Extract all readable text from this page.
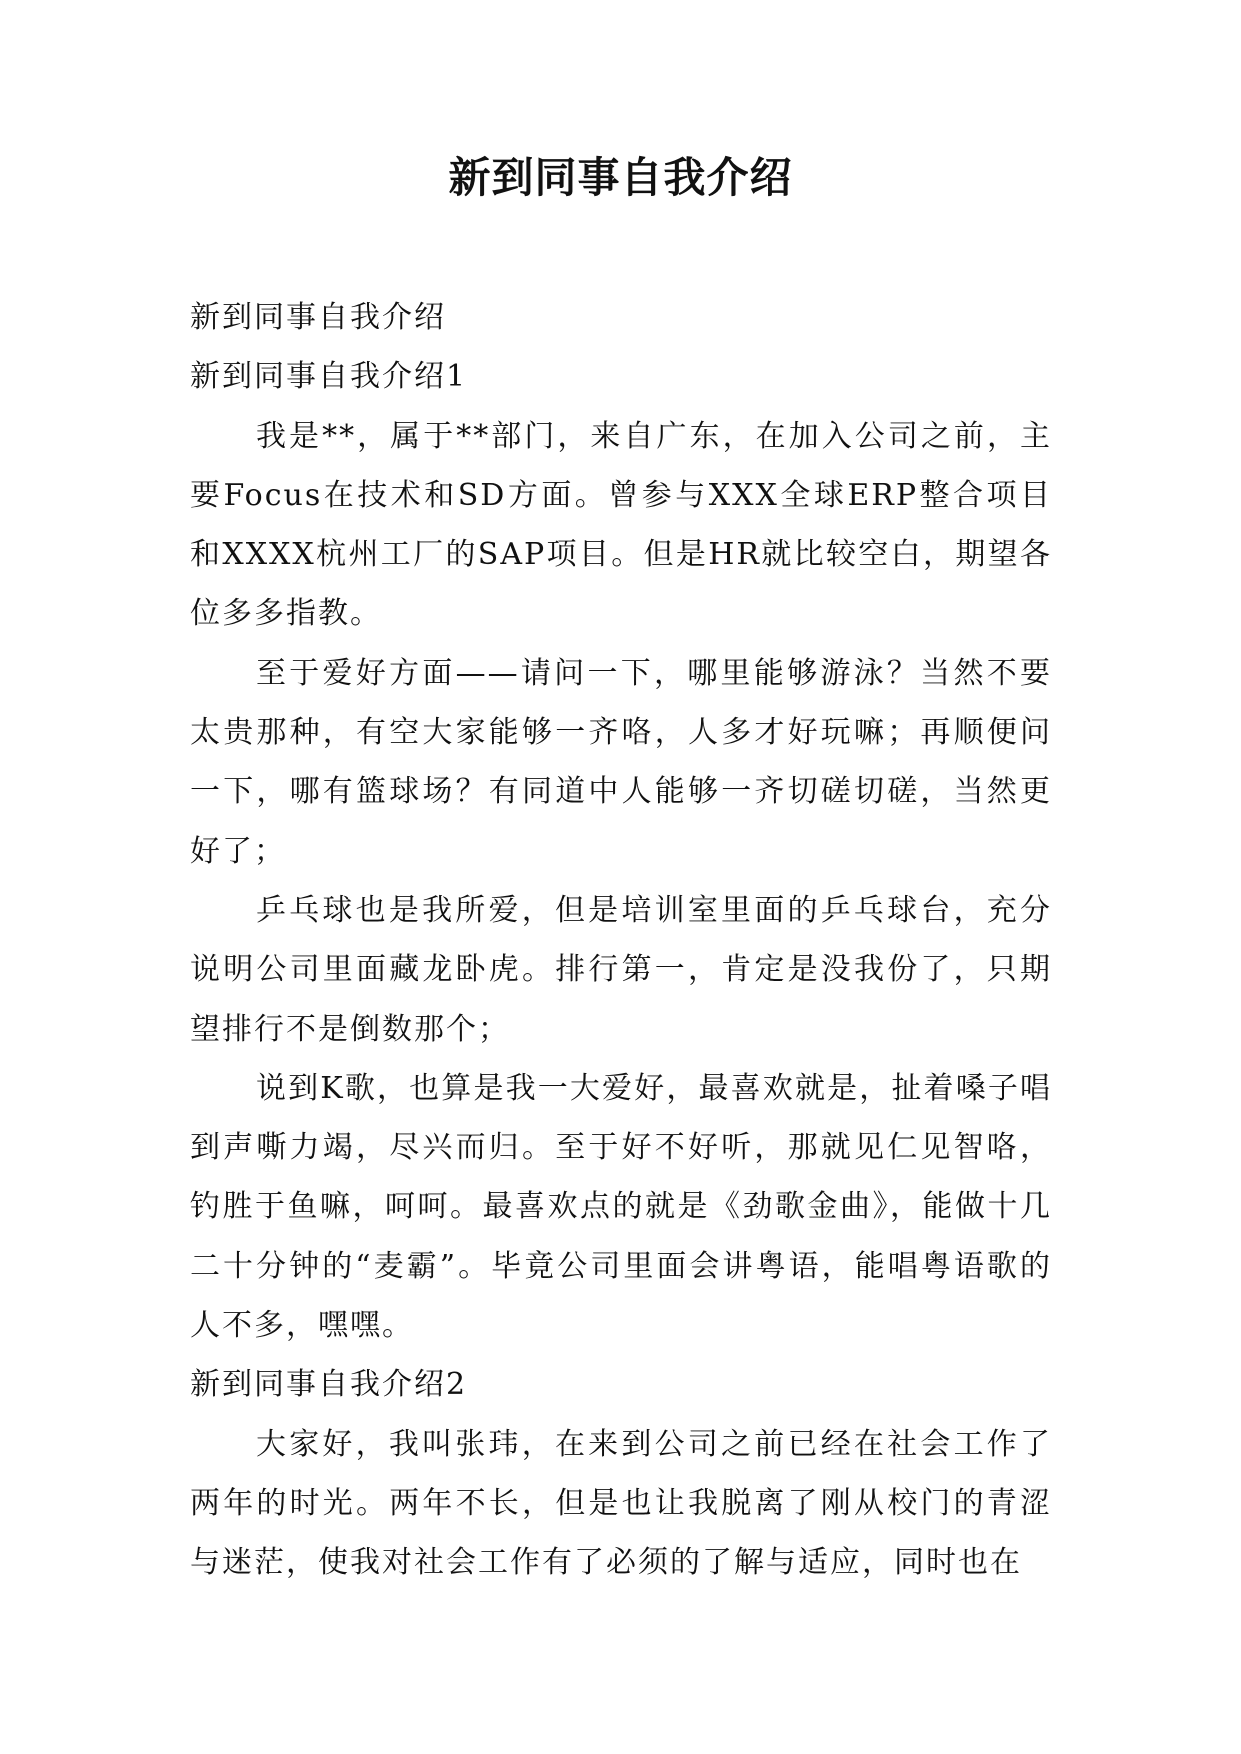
新到同事自我介绍

新到同事自我介绍

新到同事自我介绍1

我是**，属于**部门，来自广东，在加入公司之前，主要Focus在技术和SD方面。曾参与XXX全球ERP整合项目和XXXX杭州工厂的SAP项目。但是HR就比较空白，期望各位多多指教。

至于爱好方面——请问一下，哪里能够游泳？当然不要太贵那种，有空大家能够一齐咯，人多才好玩嘛；再顺便问一下，哪有篮球场？有同道中人能够一齐切磋切磋，当然更好了；

乒乓球也是我所爱，但是培训室里面的乒乓球台，充分说明公司里面藏龙卧虎。排行第一，肯定是没我份了，只期望排行不是倒数那个；

说到K歌，也算是我一大爱好，最喜欢就是，扯着嗓子唱到声嘶力竭，尽兴而归。至于好不好听，那就见仁见智咯，钓胜于鱼嘛，呵呵。最喜欢点的就是《劲歌金曲》，能做十几二十分钟的“麦霸”。毕竟公司里面会讲粤语，能唱粤语歌的人不多，嘿嘿。

新到同事自我介绍2

大家好，我叫张玮，在来到公司之前已经在社会工作了两年的时光。两年不长，但是也让我脱离了刚从校门的青涩与迷茫，使我对社会工作有了必须的了解与适应，同时也在
